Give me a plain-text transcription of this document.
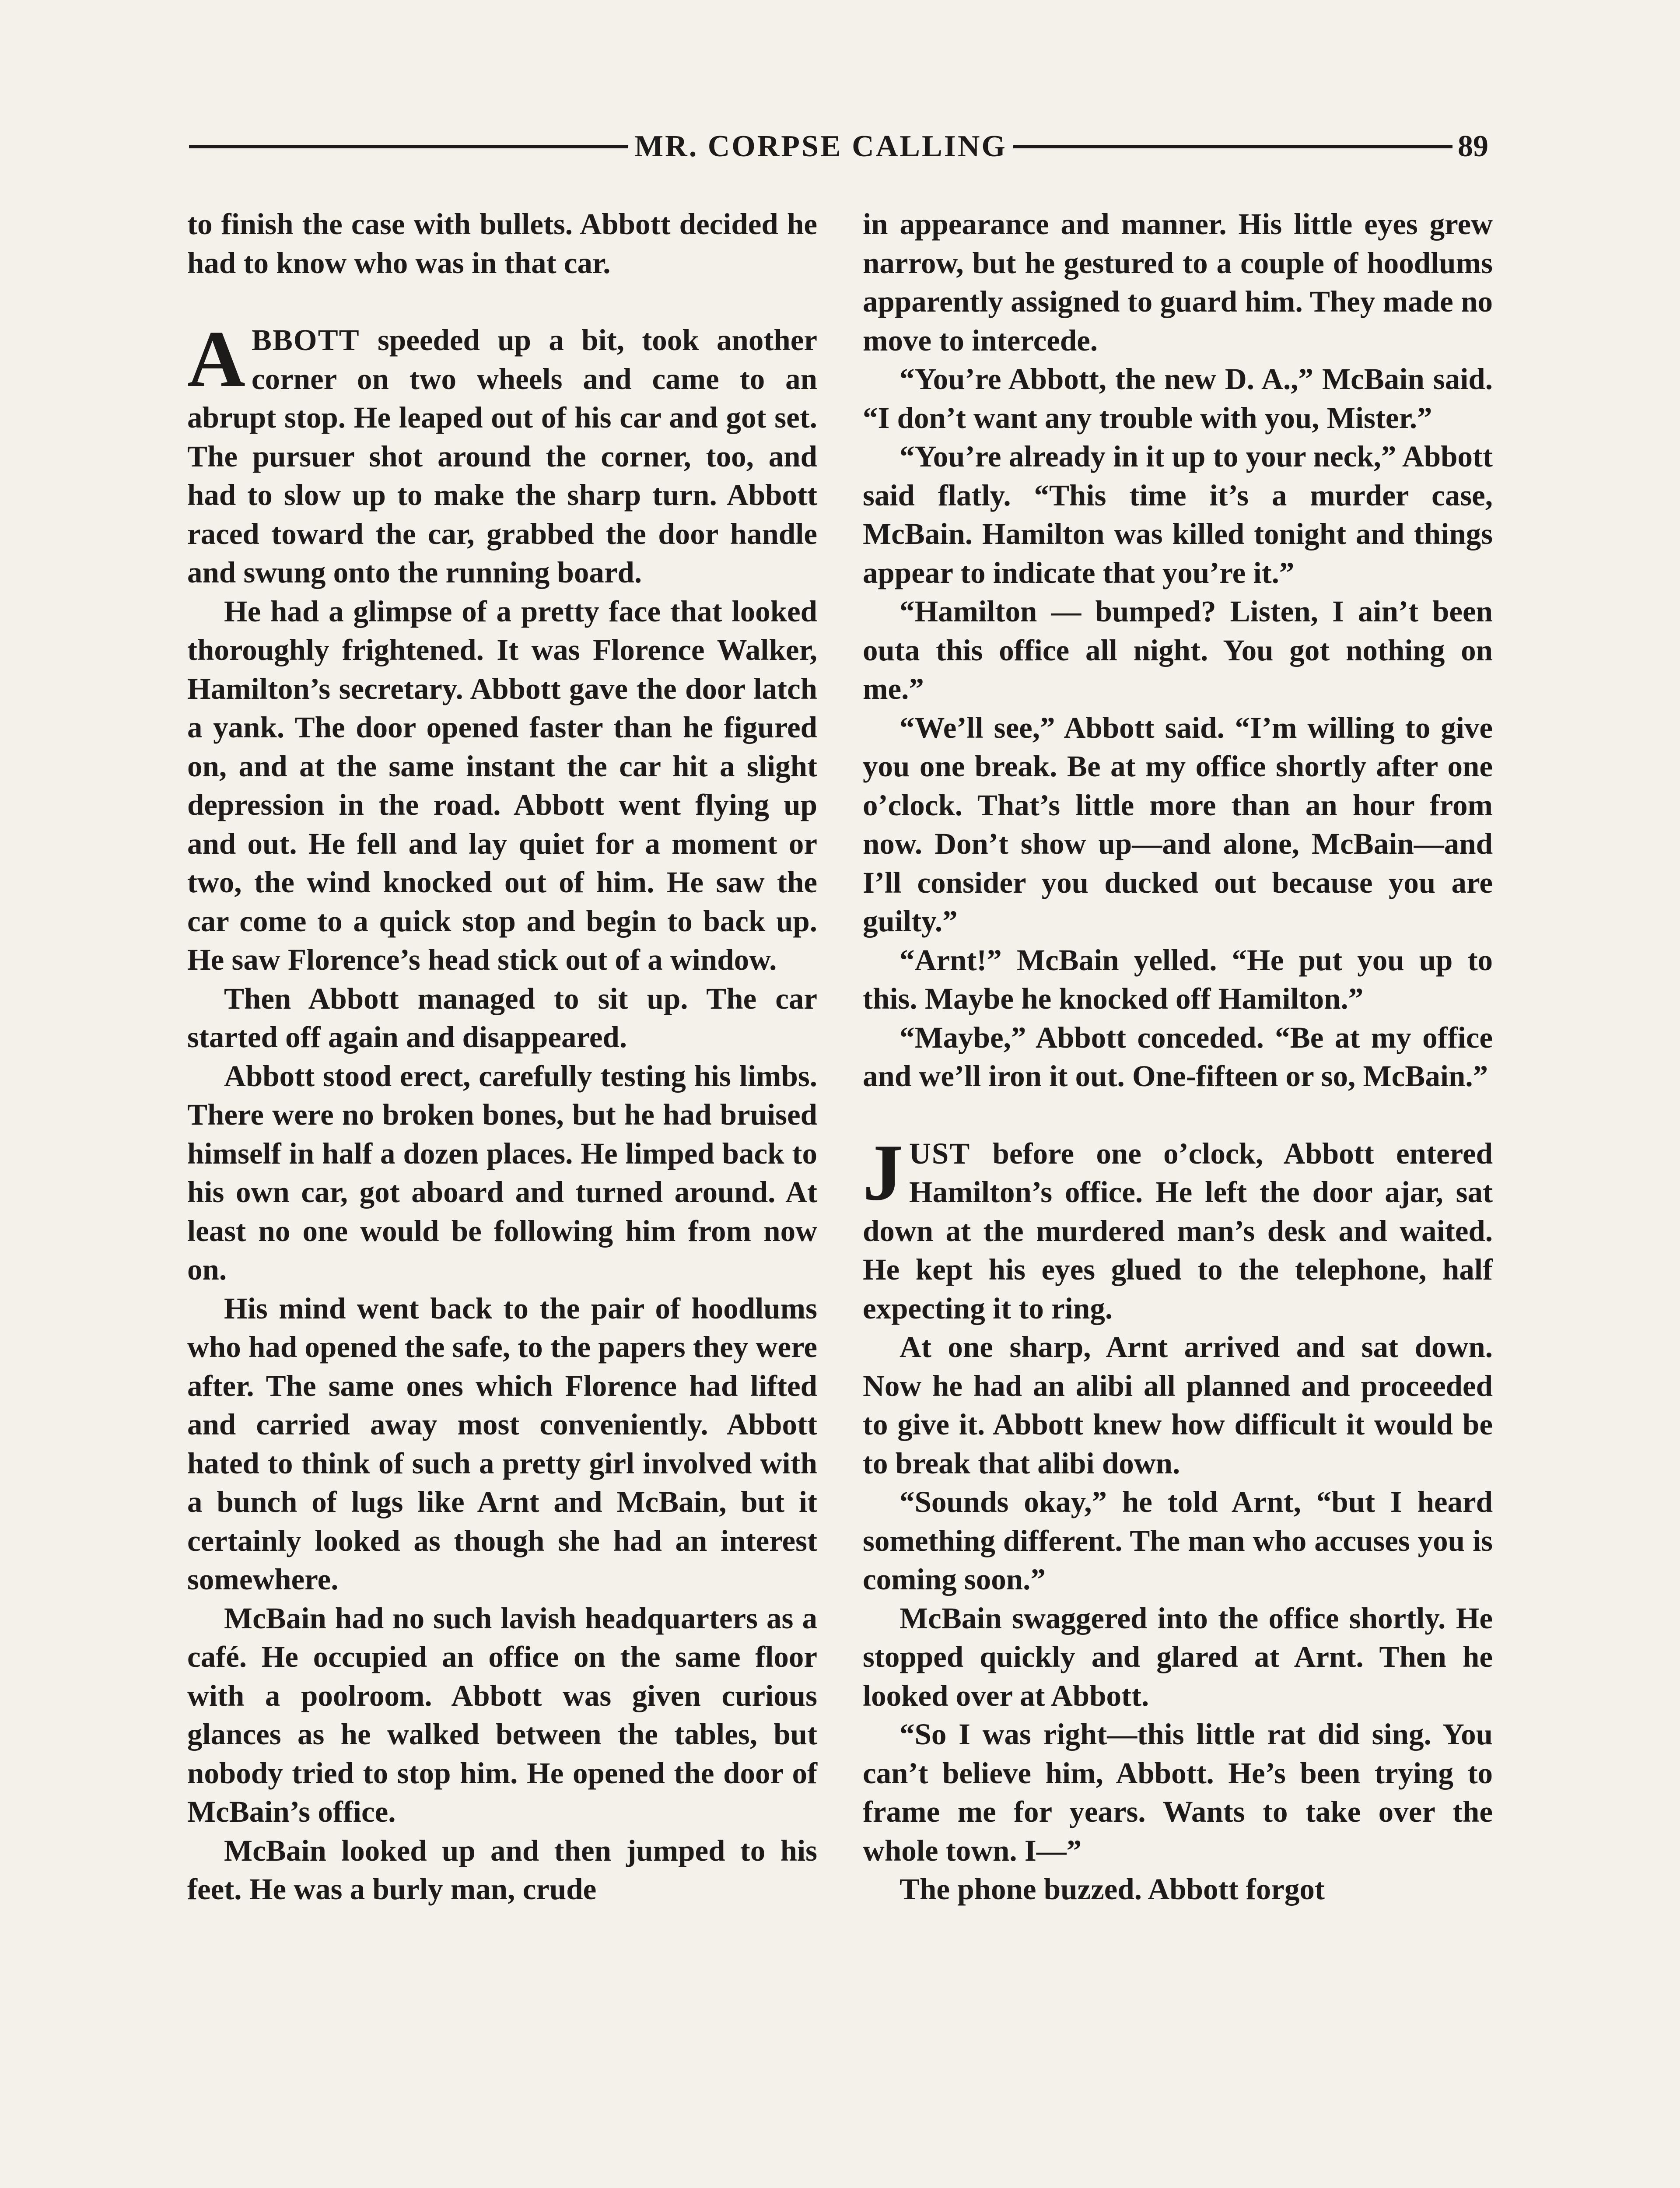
MR. CORPSE CALLING	89

to finish the case with bullets. Abbott decided he had to know who was in that car.

ABBOTT speeded up a bit, took another corner on two wheels and came to an abrupt stop. He leaped out of his car and got set. The pursuer shot around the corner, too, and had to slow up to make the sharp turn. Abbott raced toward the car, grabbed the door handle and swung onto the running board.

He had a glimpse of a pretty face that looked thoroughly frightened. It was Florence Walker, Hamilton’s secretary. Abbott gave the door latch a yank. The door opened faster than he figured on, and at the same instant the car hit a slight depression in the road. Abbott went flying up and out. He fell and lay quiet for a moment or two, the wind knocked out of him. He saw the car come to a quick stop and begin to back up. He saw Florence’s head stick out of a window.

Then Abbott managed to sit up. The car started off again and disappeared.

Abbott stood erect, carefully testing his limbs. There were no broken bones, but he had bruised himself in half a dozen places. He limped back to his own car, got aboard and turned around. At least no one would be following him from now on.

His mind went back to the pair of hoodlums who had opened the safe, to the papers they were after. The same ones which Florence had lifted and carried away most conveniently. Abbott hated to think of such a pretty girl involved with a bunch of lugs like Arnt and McBain, but it certainly looked as though she had an interest somewhere.

McBain had no such lavish headquarters as a café. He occupied an office on the same floor with a poolroom. Abbott was given curious glances as he walked between the tables, but nobody tried to stop him. He opened the door of McBain’s office.

McBain looked up and then jumped to his feet. He was a burly man, crude

in appearance and manner. His little eyes grew narrow, but he gestured to a couple of hoodlums apparently assigned to guard him. They made no move to intercede.

“You’re Abbott, the new D. A.,” McBain said. “I don’t want any trouble with you, Mister.”

“You’re already in it up to your neck,” Abbott said flatly. “This time it’s a murder case, McBain. Hamilton was killed tonight and things appear to indicate that you’re it.”

“Hamilton — bumped? Listen, I ain’t been outa this office all night. You got nothing on me.”

“We’ll see,” Abbott said. “I’m willing to give you one break. Be at my office shortly after one o’clock. That’s little more than an hour from now. Don’t show up—and alone, McBain—and I’ll consider you ducked out because you are guilty.”

“Arnt!” McBain yelled. “He put you up to this. Maybe he knocked off Hamilton.”

“Maybe,” Abbott conceded. “Be at my office and we’ll iron it out. One-fifteen or so, McBain.”

JUST before one o’clock, Abbott entered Hamilton’s office. He left the door ajar, sat down at the murdered man’s desk and waited. He kept his eyes glued to the telephone, half expecting it to ring.

At one sharp, Arnt arrived and sat down. Now he had an alibi all planned and proceeded to give it. Abbott knew how difficult it would be to break that alibi down.

“Sounds okay,” he told Arnt, “but I heard something different. The man who accuses you is coming soon.”

McBain swaggered into the office shortly. He stopped quickly and glared at Arnt. Then he looked over at Abbott.

“So I was right—this little rat did sing. You can’t believe him, Abbott. He’s been trying to frame me for years. Wants to take over the whole town. I—”

The phone buzzed. Abbott forgot
